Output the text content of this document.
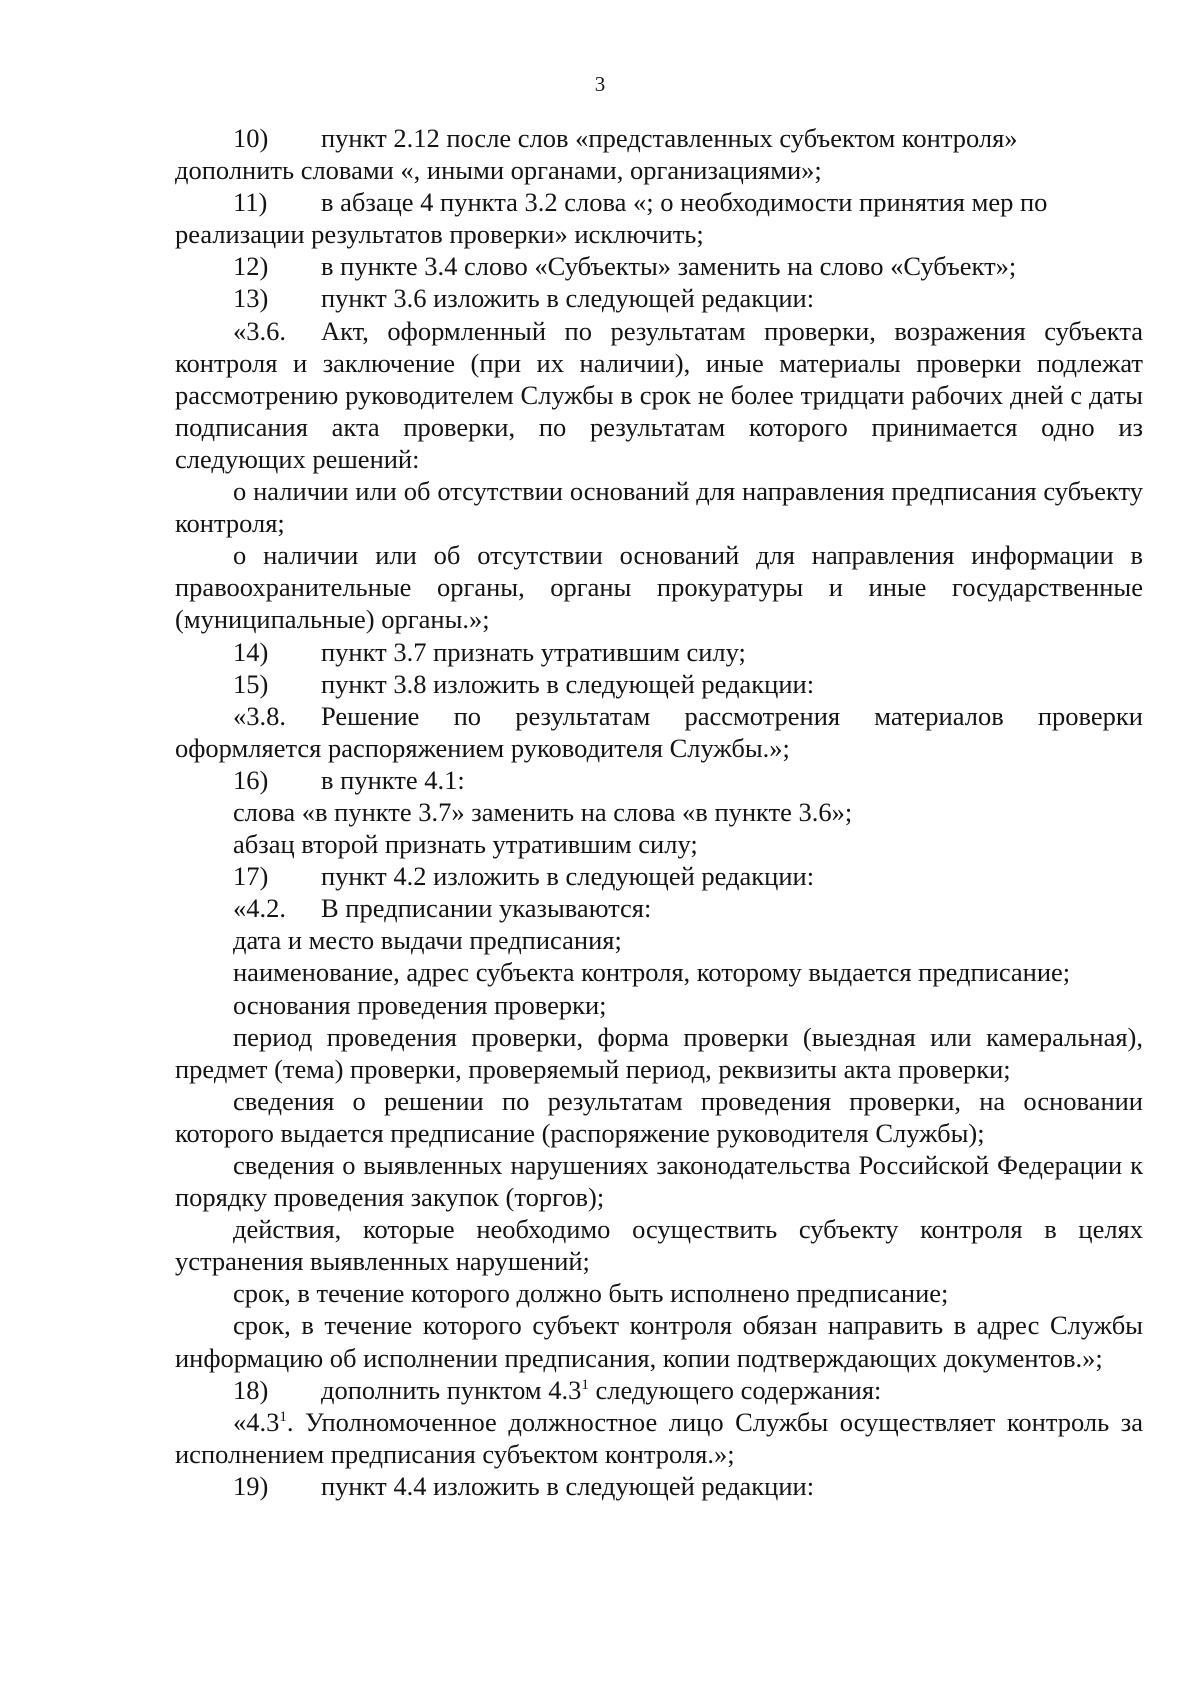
3
10) пункт 2.12 после слов «представленных субъектом контроля» дополнить словами «, иными органами, организациями»;
11) в абзаце 4 пункта 3.2 слова «; о необходимости принятия мер по реализации результатов проверки» исключить;
12)	в пункте 3.4 слово «Субъекты» заменить на слово «Субъект»;
13)	пункт 3.6 изложить в следующей редакции:
«3.6. Акт, оформленный по результатам проверки, возражения субъекта контроля и заключение (при их наличии), иные материалы проверки подлежат рассмотрению руководителем Службы в срок не более тридцати рабочих дней с даты подписания акта проверки, по результатам которого принимается одно из следующих решений:
о наличии или об отсутствии оснований для направления предписания субъекту контроля;
о наличии или об отсутствии оснований для направления информации в правоохранительные органы, органы прокуратуры и иные государственные (муниципальные) органы.»;
14)	пункт 3.7 признать утратившим силу;
15)	пункт 3.8 изложить в следующей редакции:
«3.8. Решение по результатам рассмотрения материалов проверки оформляется распоряжением руководителя Службы.»;
16)	в пункте 4.1:
слова «в пункте 3.7» заменить на слова «в пункте 3.6»;
абзац второй признать утратившим силу;
17)	пункт 4.2 изложить в следующей редакции:
«4.2.	В предписании указываются:
дата и место выдачи предписания;
наименование, адрес субъекта контроля, которому выдается предписание;
основания проведения проверки;
период проведения проверки, форма проверки (выездная или камеральная), предмет (тема) проверки, проверяемый период, реквизиты акта проверки;
сведения о решении по результатам проведения проверки, на основании которого выдается предписание (распоряжение руководителя Службы);
сведения о выявленных нарушениях законодательства Российской Федерации к порядку проведения закупок (торгов);
действия, которые необходимо осуществить субъекту контроля в целях устранения выявленных нарушений;
срок, в течение которого должно быть исполнено предписание;
срок, в течение которого субъект контроля обязан направить в адрес Службы информацию об исполнении предписания, копии подтверждающих документов.»;
18)	дополнить пунктом $4.3^1$ следующего содержания:
«$4.3^1$. Уполномоченное должностное лицо Службы осуществляет контроль за исполнением предписания субъектом контроля.»;
19)	пункт 4.4 изложить в следующей редакции:
